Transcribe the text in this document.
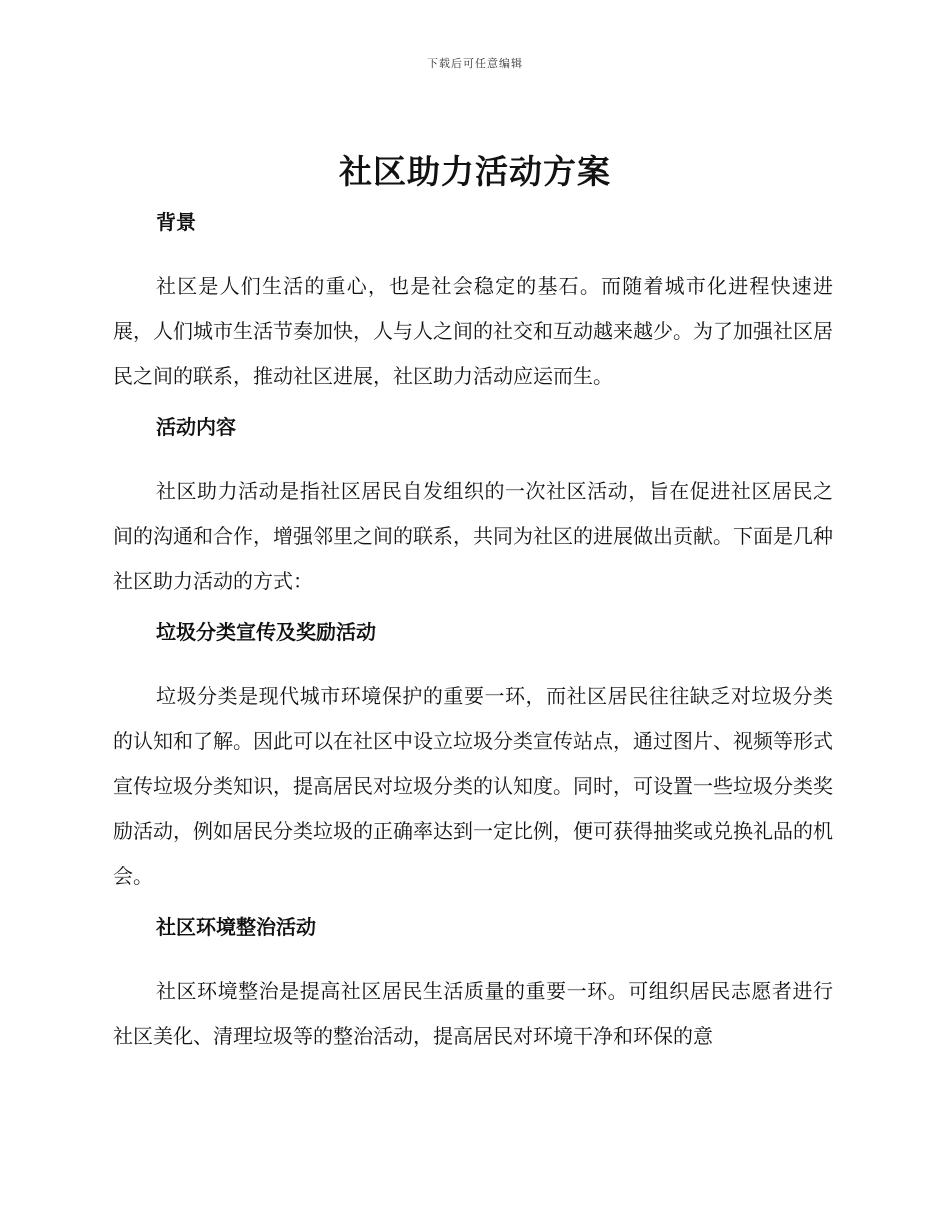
下载后可任意编辑
社区助力活动方案
背景

社区是人们生活的重心，也是社会稳定的基石。而随着城市化进程快速进展，人们城市生活节奏加快，人与人之间的社交和互动越来越少。为了加强社区居民之间的联系，推动社区进展，社区助力活动应运而生。

活动内容

社区助力活动是指社区居民自发组织的一次社区活动，旨在促进社区居民之间的沟通和合作，增强邻里之间的联系，共同为社区的进展做出贡献。下面是几种社区助力活动的方式：

垃圾分类宣传及奖励活动

垃圾分类是现代城市环境保护的重要一环，而社区居民往往缺乏对垃圾分类的认知和了解。因此可以在社区中设立垃圾分类宣传站点，通过图片、视频等形式宣传垃圾分类知识，提高居民对垃圾分类的认知度。同时，可设置一些垃圾分类奖励活动，例如居民分类垃圾的正确率达到一定比例，便可获得抽奖或兑换礼品的机会。

社区环境整治活动

社区环境整治是提高社区居民生活质量的重要一环。可组织居民志愿者进行社区美化、清理垃圾等的整治活动，提高居民对环境干净和环保的意
